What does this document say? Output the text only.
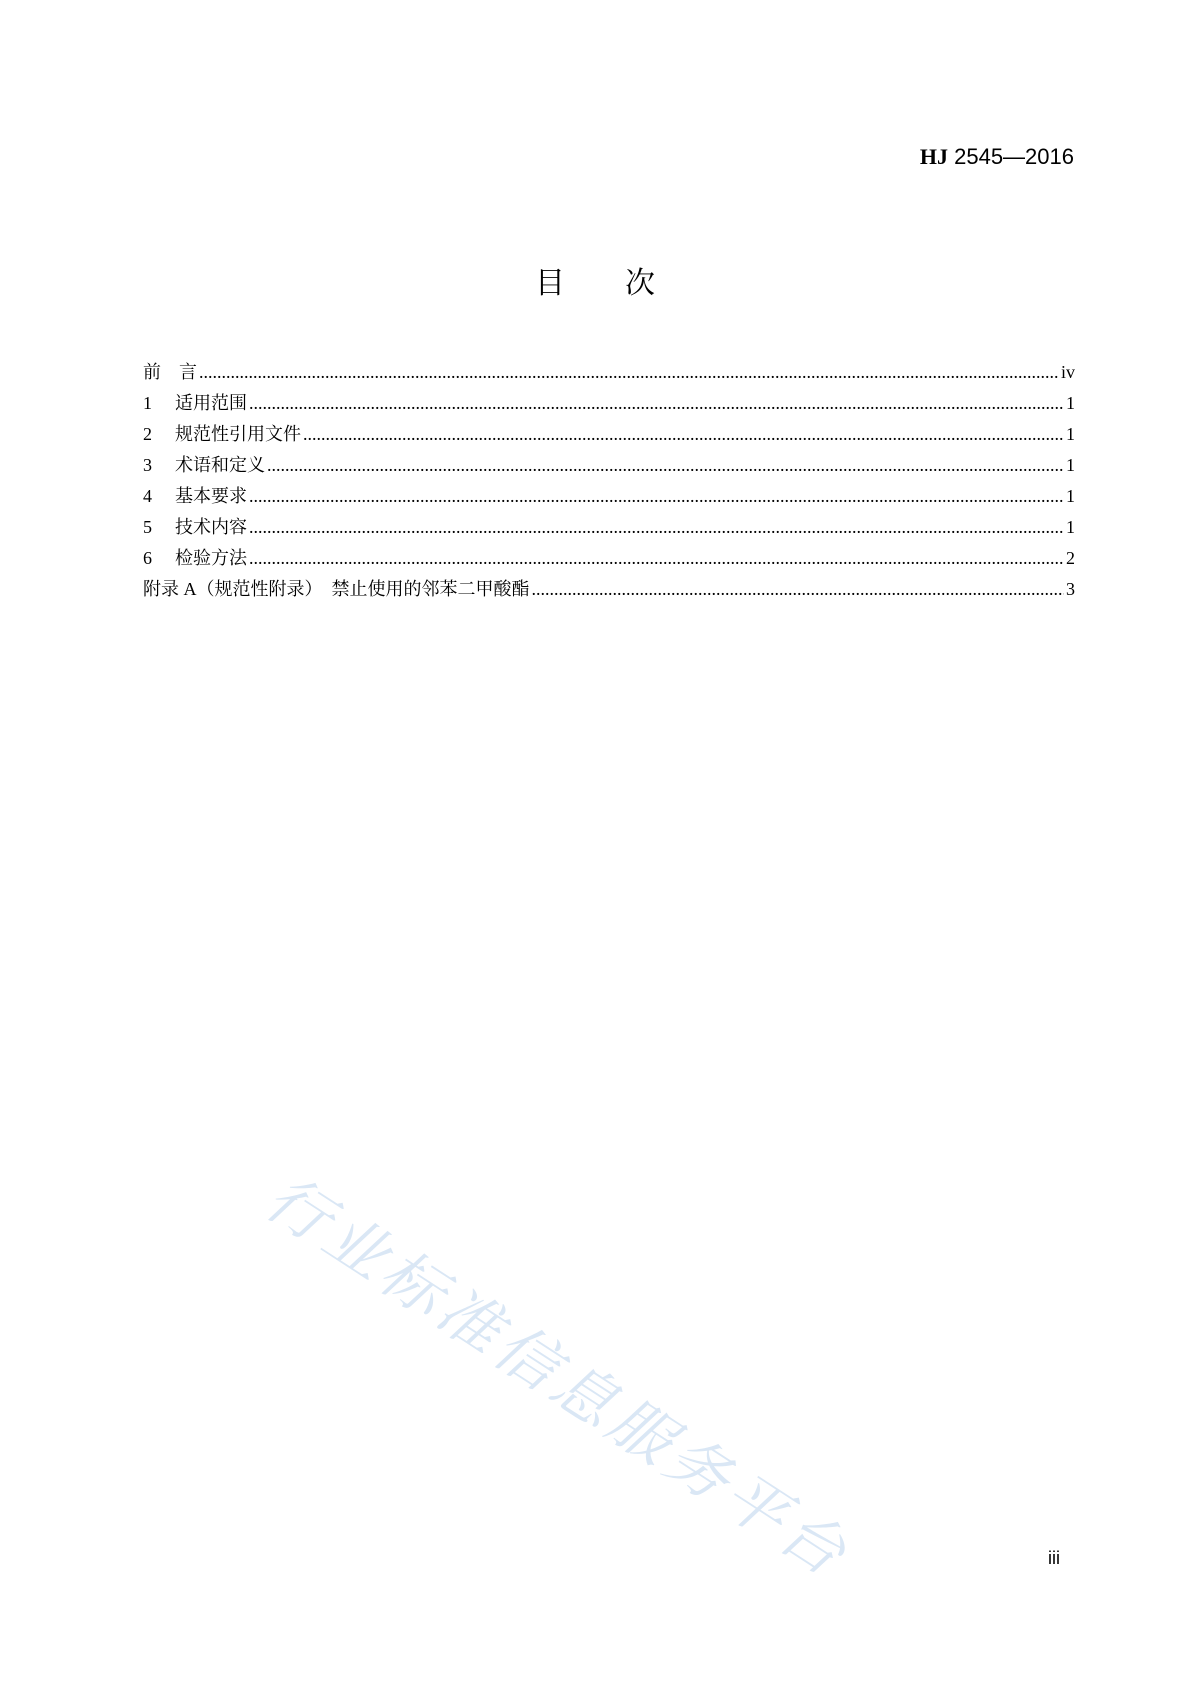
HJ 2545—2016
目次
前　言 .....	iv
1	适用范围 .....	1
2	规范性引用文件 .....	1
3	术语和定义 .....	1
4	基本要求 .....	1
5	技术内容 .....	1
6	检验方法 .....	2
附录 A（规范性附录）　禁止使用的邻苯二甲酸酯 .....	3
行业标准信息服务平台	iii
